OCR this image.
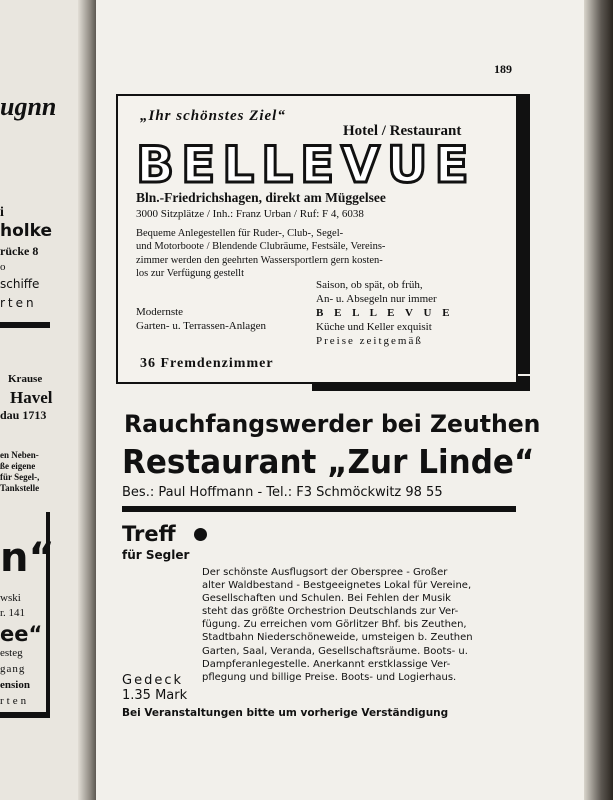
ugnn
i
holke
rücke 8
o
schiffe
rten
Krause
Havel
dau 1713
en Neben-
ße eigene
für Segel-,
Tankstelle
n“
wski
r. 141
ee“
esteg
gang
ension
rten
189
„Ihr schönstes Ziel“
Hotel / Restaurant
BELLEVUE
Bln.-Friedrichshagen, direkt am Müggelsee
3000 Sitzplätze / Inh.: Franz Urban / Ruf: F 4, 6038
Bequeme Anlegestellen für Ruder-, Club-, Segel-
und Motorboote / Blendende Clubräume, Festsäle, Vereins-
zimmer werden den geehrten Wassersportlern gern kosten-
los zur Verfügung gestellt
Saison, ob spät, ob früh,
An- u. Absegeln nur immer
B E L L E V U E
Küche und Keller exquisit
Preise zeitgemäß
Modernste
Garten- u. Terrassen-Anlagen
36 Fremdenzimmer
Rauchfangswerder bei Zeuthen
Restaurant „Zur Linde“
Bes.: Paul Hoffmann - Tel.: F3 Schmöckwitz 98 55
Treff
für Segler
Der schönste Ausflugsort der Oberspree - Großer
alter Waldbestand - Bestgeeignetes Lokal für Vereine,
Gesellschaften und Schulen. Bei Fehlen der Musik
steht das größte Orchestrion Deutschlands zur Ver-
fügung. Zu erreichen vom Görlitzer Bhf. bis Zeuthen,
Stadtbahn Niederschöneweide, umsteigen b. Zeuthen
Garten, Saal, Veranda, Gesellschaftsräume. Boots- u.
Dampferanlegestelle. Anerkannt erstklassige Ver-
pflegung und billige Preise. Boots- und Logierhaus.
Gedeck
1.35 Mark
Bei Veranstaltungen bitte um vorherige Verständigung
